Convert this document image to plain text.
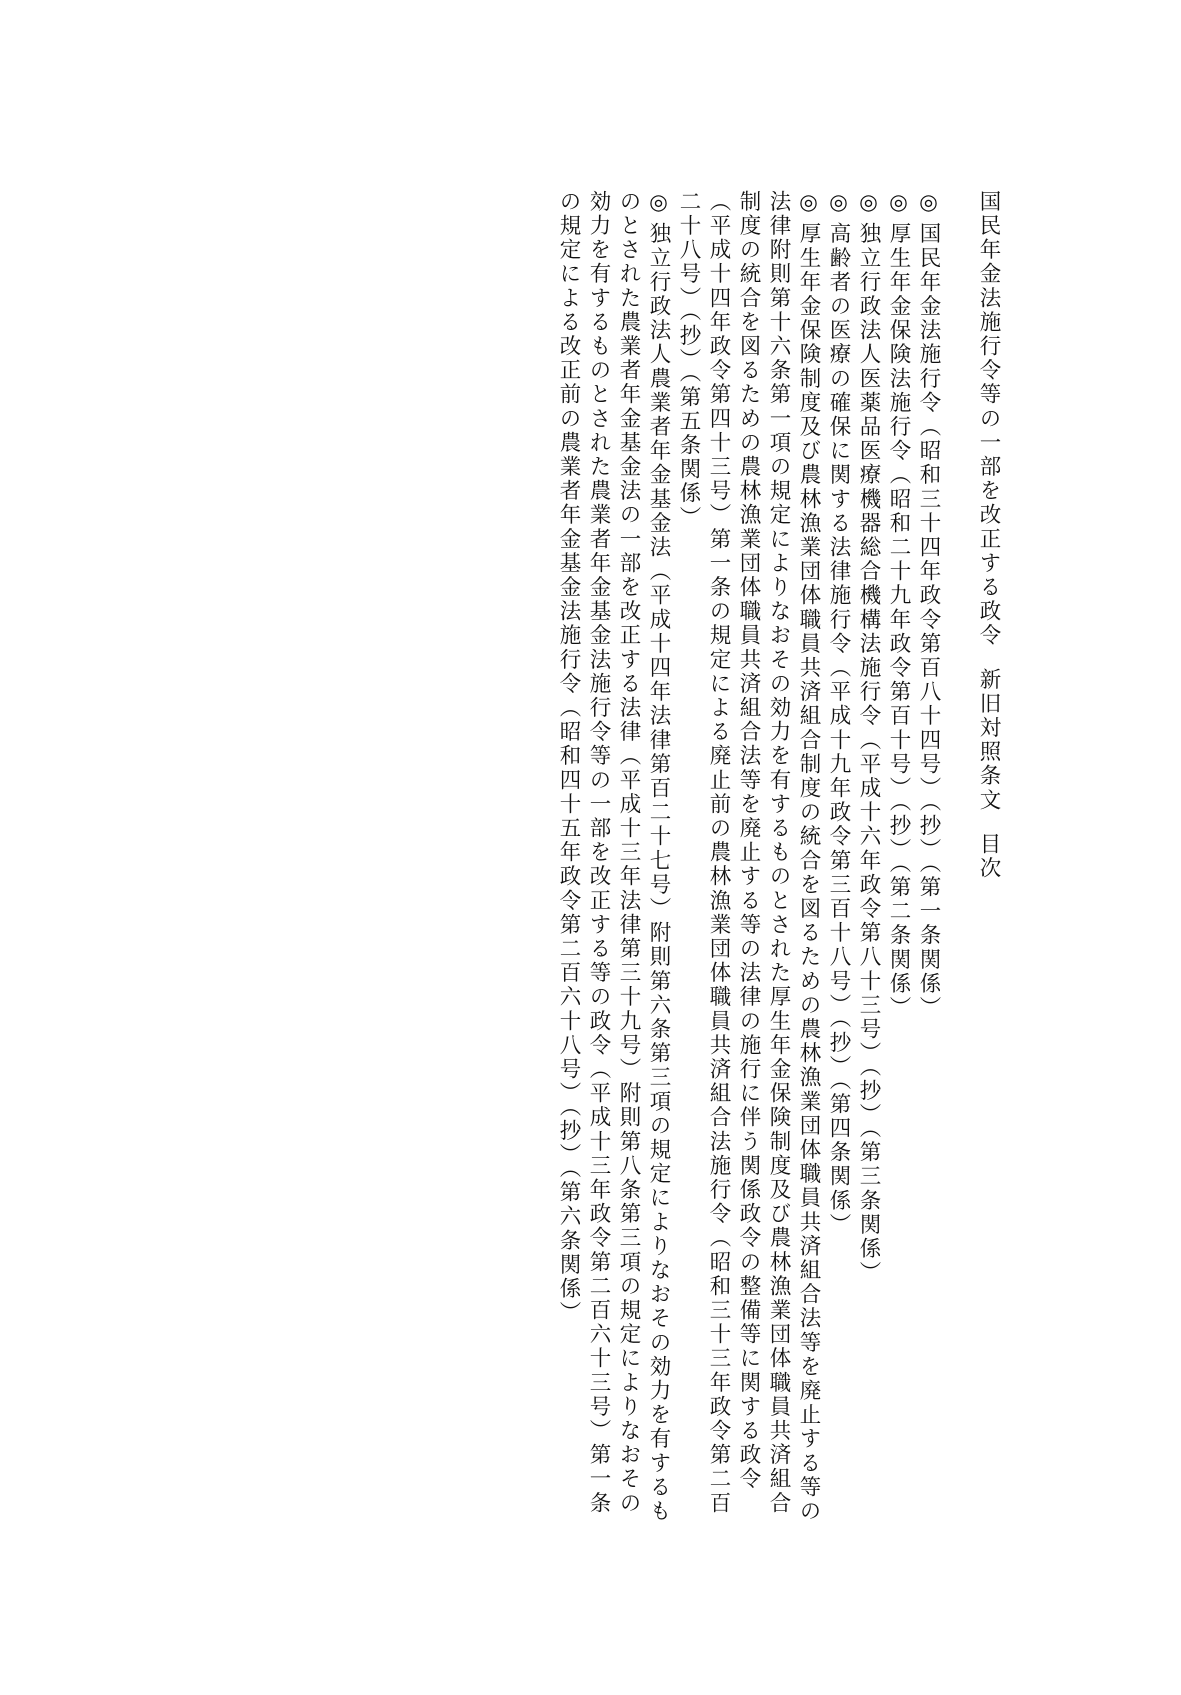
国民年金法施行令等の一部を改正する政令新旧対照条文目次
◎国民年金法施行令（昭和三十四年政令第百八十四号）（抄）（第一条関係）
◎厚生年金保険法施行令（昭和二十九年政令第百十号）（抄）（第二条関係）
◎独立行政法人医薬品医療機器総合機構法施行令（平成十六年政令第八十三号）（抄）（第三条関係）
◎高齢者の医療の確保に関する法律施行令（平成十九年政令第三百十八号）（抄）（第四条関係）
◎厚生年金保険制度及び農林漁業団体職員共済組合制度の統合を図るための農林漁業団体職員共済組合法等を廃止する等の法律附則第十六条第一項の規定によりなおその効力を有するものとされた厚生年金保険制度及び農林漁業団体職員共済組合制度の統合を図るための農林漁業団体職員共済組合法等を廃止する等の法律の施行に伴う関係政令の整備等に関する政令（平成十四年政令第四十三号）第一条の規定による廃止前の農林漁業団体職員共済組合法施行令（昭和三十三年政令第二百二十八号）（抄）（第五条関係）
◎独立行政法人農業者年金基金法（平成十四年法律第百二十七号）附則第六条第三項の規定によりなおその効力を有するものとされた農業者年金基金法の一部を改正する法律（平成十三年法律第三十九号）附則第八条第三項の規定によりなおその効力を有するものとされた農業者年金基金法施行令等の一部を改正する等の政令（平成十三年政令第二百六十三号）第一条の規定による改正前の農業者年金基金法施行令（昭和四十五年政令第二百六十八号）（抄）（第六条関係）
